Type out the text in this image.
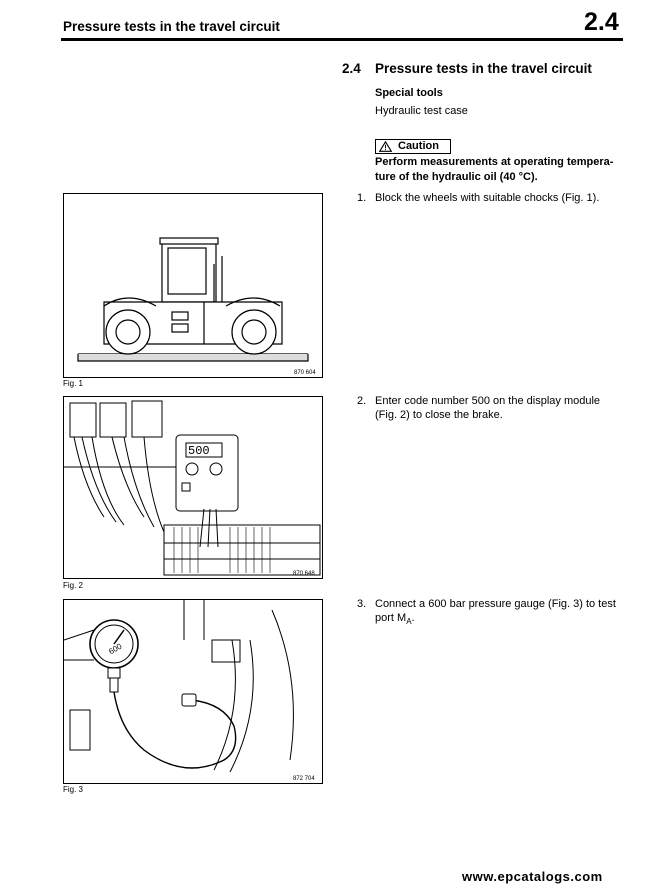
Pressure tests in the travel circuit	2.4
2.4 Pressure tests in the travel circuit
Special tools
Hydraulic test case
Caution
Perform measurements at operating tempera-ture of the hydraulic oil (40 °C).
1. Block the wheels with suitable chocks (Fig. 1).
2. Enter code number 500 on the display module (Fig. 2) to close the brake.
3. Connect a 600 bar pressure gauge (Fig. 3) to test port $M_A$.
870 604
Fig. 1
500
870 648
Fig. 2
600
872 704
Fig. 3
www.epcatalogs.com
